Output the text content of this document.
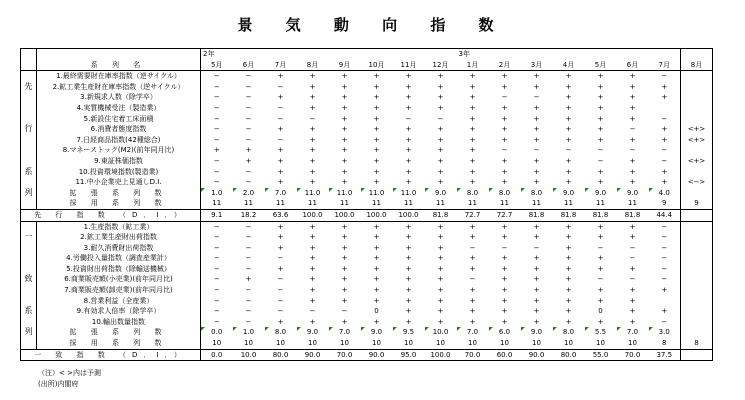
景 気 動 向 指 数
		2年								3年							
	系 列 名	5月	6月	7月	8月	9月	10月	11月	12月	1月	2月	3月	4月	5月	6月	7月	8月
	1.最終需要財在庫率指数（逆サイクル）	−	−	+	+	+	+	+	+	+	+	+	+	+	+	−	
先	2.鉱工業生産財在庫率指数（逆サイクル）	−	−	−	+	+	+	+	+	+	+	+	+	+	+	+	
	3.新規求人数（除学卒）	−	−	+	+	+	+	+	+	+	−	−	+	+	+	+	
	4.実質機械受注（製造業）	−	−	−	+	+	+	+	+	+	+	+	+	+	+		
	5.新設住宅着工床面積	−	−	−	−	+	+	−	−	+	+	+	+	+	+	−	
行	6.消費者態度指数	−	−	+	+	+	+	+	+	+	+	+	+	+	−	+	<+>
	7.日経商品指数(42種総合)	−	−	−	+	+	+	+	+	+	+	+	+	+	+	+	<+>
	8.マネーストック(M2)(前年同月比)	+	+	+	+	+	+	+	+	+	−	−	−	−	−	−	
	9.東証株価指数	−	+	+	+	+	+	+	+	+	+	+	+	−	+	−	<+>
系	10.投資環境指数(製造業)	−	−	+	+	+	+	+	+	+	+	+	+	+	+	+	
	11.中小企業売上見通しD.I.	−	−	+	+	+	+	+	+	+	+	+	+	+	+	+	<−>
列	拡 張 系 列 数	1.0	2.0	7.0	11.0	11.0	11.0	11.0	9.0	8.0	8.0	8.0	9.0	9.0	9.0	4.0	
	採 用 系 列 数	11	11	11	11	11	11	11	11	11	11	11	11	11	11	9	9
先 行 指 数 （D．I．）		9.1	18.2	63.6	100.0	100.0	100.0	100.0	81.8	72.7	72.7	81.8	81.8	81.8	81.8	44.4	
	1.生産指数（鉱工業）	−	−	+	+	+	+	+	+	+	+	+	+	+	+	−	
一	2.鉱工業生産財出荷指数	−	−	+	+	+	+	+	+	+	+	+	+	+	+	−	
	3.耐久消費財出荷指数	−	−	+	+	+	+	+	+	−	−	−	+	−	−	−	
	4.労働投入量指数（調査産業計）	−	−	−	+	+	+	+	+	+	+	+	+	+	−	−	
	5.投資財出荷指数（除輸送機械）	−	−	+	+	+	+	+	+	+	+	+	+	+	+	−	
致	6.商業販売額(小売業)(前年同月比)	−	+	−	+	+	+	+	+	−	+	+	+	−	−	−	
	7.商業販売額(卸売業)(前年同月比)	−	−	−	+	+	+	+	+	+	+	+	+	+	+	+	
	8.営業利益（全産業）	−	−	−	+	+	+	+	+	+	+	+	+	+	+		
系	9.有効求人倍率（除学卒）	−	−	−	−	−	0	+	+	+	+	+	+	0	+	+	
	10.輸出数量指数	−	−	+	+	+	+	+	+	+	+	+	+	+	+	−	
列	拡 張 系 列 数	0.0	1.0	8.0	9.0	7.0	9.0	9.5	10.0	7.0	6.0	9.0	8.0	5.5	7.0	3.0	
	採 用 系 列 数	10	10	10	10	10	10	10	10	10	10	10	10	10	10	8	8
一 致 指 数 （D．I．）		0.0	10.0	80.0	90.0	70.0	90.0	95.0	100.0	70.0	60.0	90.0	80.0	55.0	70.0	37.5	
（注）< >内は予測
(出所)内閣府
